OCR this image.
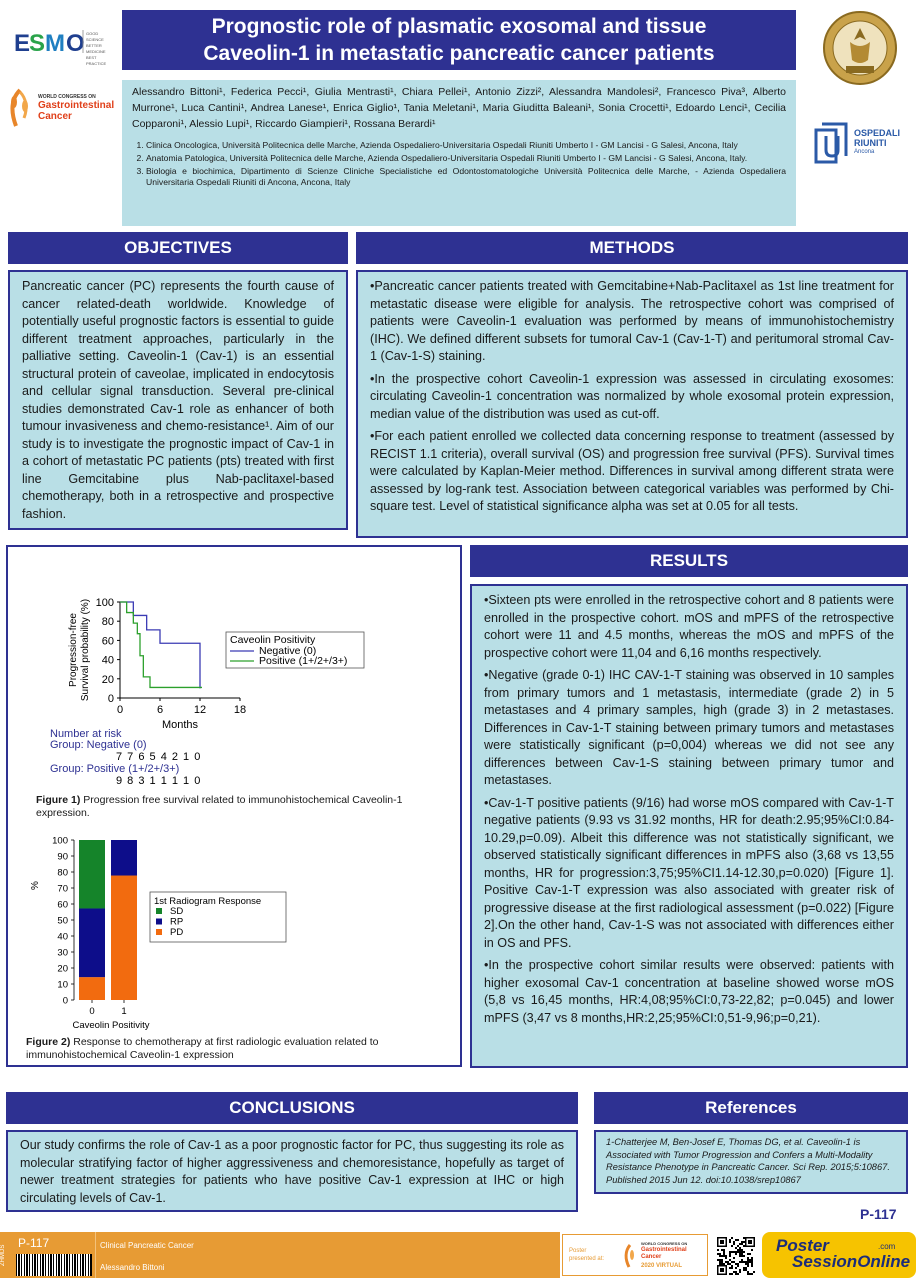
E
S M O GOOD SCIENCE
BETTER MEDICINE
BEST PRACTICE
WORLD CONGRESS ON
Gastrointestinal
Cancer
Prognostic role of plasmatic exosomal and tissue
Caveolin-1 in metastatic pancreatic cancer patients
OSPEDALI
RIUNITI
Ancona

Alessandro Bittoni¹, Federica Pecci¹, Giulia Mentrasti¹, Chiara Pellei¹, Antonio Zizzi², Alessandra Mandolesi², Francesco Piva³, Alberto Murrone¹, Luca Cantini¹, Andrea Lanese¹, Enrica Giglio¹, Tania Meletani¹, Maria Giuditta Baleani¹, Sonia Crocetti¹, Edoardo Lenci¹, Cecilia Copparoni¹, Alessio Lupi¹, Riccardo Giampieri¹, Rossana Berardi¹

1. Clinica Oncologica, Università Politecnica delle Marche, Azienda Ospedaliero-Universitaria Ospedali Riuniti Umberto I - GM Lancisi - G Salesi, Ancona, Italy
2. Anatomia Patologica, Università Politecnica delle Marche, Azienda Ospedaliero-Universitaria Ospedali Riuniti Umberto I - GM Lancisi - G Salesi, Ancona, Italy.
3. Biologia e biochimica, Dipartimento di Scienze Cliniche Specialistiche ed Odontostomatologiche Università Politecnica delle Marche, - Azienda Ospedaliera Universitaria Ospedali Riuniti di Ancona, Ancona, Italy
OBJECTIVES	METHODS

Pancreatic cancer (PC) represents the fourth cause of cancer related-death worldwide. Knowledge of potentially useful prognostic factors is essential to guide different treatment approaches, particularly in the palliative setting. Caveolin-1 (Cav-1) is an essential structural protein of caveolae, implicated in endocytosis and cellular signal transduction. Several pre-clinical studies demonstrated Cav-1 role as enhancer of both tumour invasiveness and chemo-resistance¹. Aim of our study is to investigate the prognostic impact of Cav-1 in a cohort of metastatic PC patients (pts) treated with first line Gemcitabine plus Nab-paclitaxel-based chemotherapy, both in a retrospective and prospective fashion.

•Pancreatic cancer patients treated with Gemcitabine+Nab-Paclitaxel as 1st line treatment for metastatic disease were eligible for analysis. The retrospective cohort was comprised of patients were Caveolin-1 evaluation was performed by means of immunohistochemistry (IHC). We defined different subsets for tumoral Cav-1 (Cav-1-T) and peritumoral stromal Cav-1 (Cav-1-S) staining.

•In the prospective cohort Caveolin-1 expression was assessed in circulating exosomes: circulating Caveolin-1 concentration was normalized by whole exosomal protein expression, median value of the distribution was used as cut-off.

•For each patient enrolled we collected data concerning response to treatment (assessed by RECIST 1.1 criteria), overall survival (OS) and progression free survival (PFS). Survival times were calculated by Kaplan-Meier method. Differences in survival among different strata were assessed by log-rank test. Association between categorical variables was performed by Chi-square test. Level of statistical significance alpha was set at 0.05 for all tests.

0
20
40
60
80
100
0	6	12	18
Months
Progression-freeSurvival probability (%)	Caveolin Positivity
Negative (0)
Positive (1+/2+/3+)
Number at risk
Group: Negative (0)
7 7 6 5 4 2 1 0
Group: Positive (1+/2+/3+)
9 8 3 1 1 1 1 0
Figure 1) Progression free survival related to immunohistochemical Caveolin-1 expression.
0
10
20
30
40
50
60
70
80
90
100
%
0	1
Caveolin Positivity
1st Radiogram Response
SD
RP
PD
Figure 2) Response to chemotherapy at first radiologic evaluation related to immunohistochemical Caveolin-1 expression
RESULTS

•Sixteen pts were enrolled in the retrospective cohort and 8 patients were enrolled in the prospective cohort. mOS and mPFS of the retrospective cohort were 11 and 4.5 months, whereas the mOS and mPFS of the prospective cohort were 11,04 and 6,16 months respectively.

•Negative (grade 0-1) IHC CAV-1-T staining was observed in 10 samples from primary tumors and 1 metastasis, intermediate (grade 2) in 5 metastases and 4 primary samples, high (grade 3) in 2 metastases. Differences in Cav-1-T staining between primary tumors and metastases were statistically significant (p=0,004) whereas we did not see any differences between Cav-1-S staining between primary tumor and metastases.

•Cav-1-T positive patients (9/16) had worse mOS compared with Cav-1-T negative patients (9.93 vs 31.92 months, HR for death:2.95;95%CI:0.84-10.29,p=0.09). Albeit this difference was not statistically significant, we observed statistically significant differences in mPFS also (3,68 vs 13,55 months, HR for progression:3,75;95%CI1.14-12.30,p=0.020) [Figure 1]. Positive Cav-1-T expression was also associated with greater risk of progressive disease at the first radiological assessment (p=0.022) [Figure 2].On the other hand, Cav-1-S was not associated with differences either in OS and PFS.

•In the prospective cohort similar results were observed: patients with higher exosomal Cav-1 concentration at baseline showed worse mOS (5,8 vs 16,45 months, HR:4,08;95%CI:0,73-22,82; p=0.045) and lower mPFS (3,47 vs 8 months,HR:2,25;95%CI:0,51-9,96;p=0,21).

CONCLUSIONS

Our study confirms the role of Cav-1 as a poor prognostic factor for PC, thus suggesting its role as molecular stratifying factor of higher aggressiveness and chemoresistance, hopefully as target of newer treatment strategies for patients who have positive Cav-1 expression at IHC or high circulating levels of Cav-1.

References

1-Chatterjee M, Ben-Josef E, Thomas DG, et al. Caveolin-1 is Associated with Tumor Progression and Confers a Multi-Modality Resistance Phenotype in Pancreatic Cancer. Sci Rep. 2015;5:10867. Published 2015 Jun 12. doi:10.1038/srep10867

P-117
ZHMDS
P-117	Clinical Pancreatic Cancer
Alessandro Bittoni
Poster
presented at:
WORLD CONGRESS ON
Gastrointestinal
Cancer
2020 VIRTUAL
Poster
SessionOnline
.com
